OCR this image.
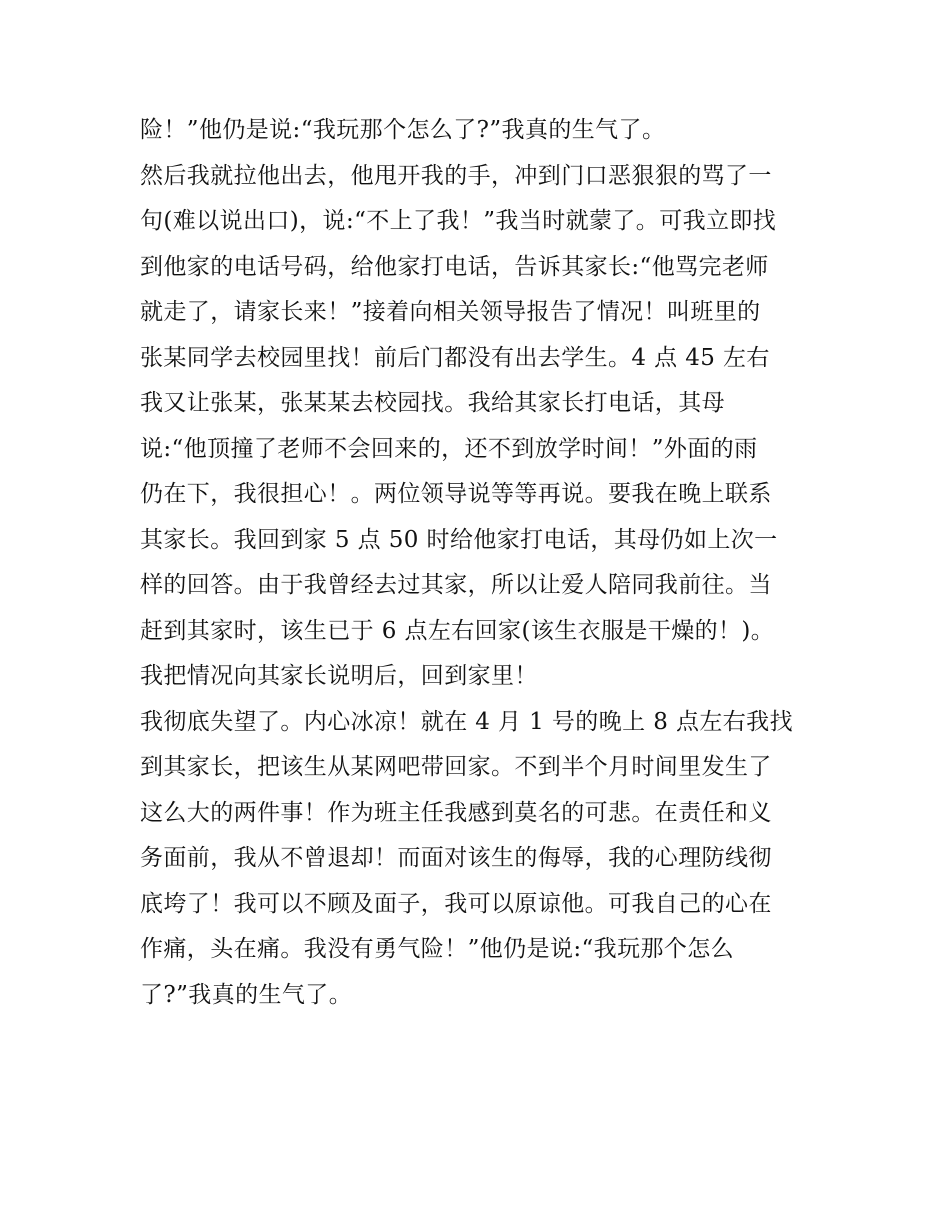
险！”他仍是说:“我玩那个怎么了?”我真的生气了。
然后我就拉他出去，他甩开我的手，冲到门口恶狠狠的骂了一
句(难以说出口)，说:“不上了我！”我当时就蒙了。可我立即找
到他家的电话号码，给他家打电话，告诉其家长:“他骂完老师
就走了，请家长来！”接着向相关领导报告了情况！叫班里的
张某同学去校园里找！前后门都没有出去学生。4 点 45 左右
我又让张某，张某某去校园找。我给其家长打电话，其母
说:“他顶撞了老师不会回来的，还不到放学时间！”外面的雨
仍在下，我很担心！。两位领导说等等再说。要我在晚上联系
其家长。我回到家 5 点 50 时给他家打电话，其母仍如上次一
样的回答。由于我曾经去过其家，所以让爱人陪同我前往。当
赶到其家时，该生已于 6 点左右回家(该生衣服是干燥的！)。
我把情况向其家长说明后，回到家里！
我彻底失望了。内心冰凉！就在 4 月 1 号的晚上 8 点左右我找
到其家长，把该生从某网吧带回家。不到半个月时间里发生了
这么大的两件事！作为班主任我感到莫名的可悲。在责任和义
务面前，我从不曾退却！而面对该生的侮辱，我的心理防线彻
底垮了！我可以不顾及面子，我可以原谅他。可我自己的心在
作痛，头在痛。我没有勇气险！”他仍是说:“我玩那个怎么
了?”我真的生气了。
